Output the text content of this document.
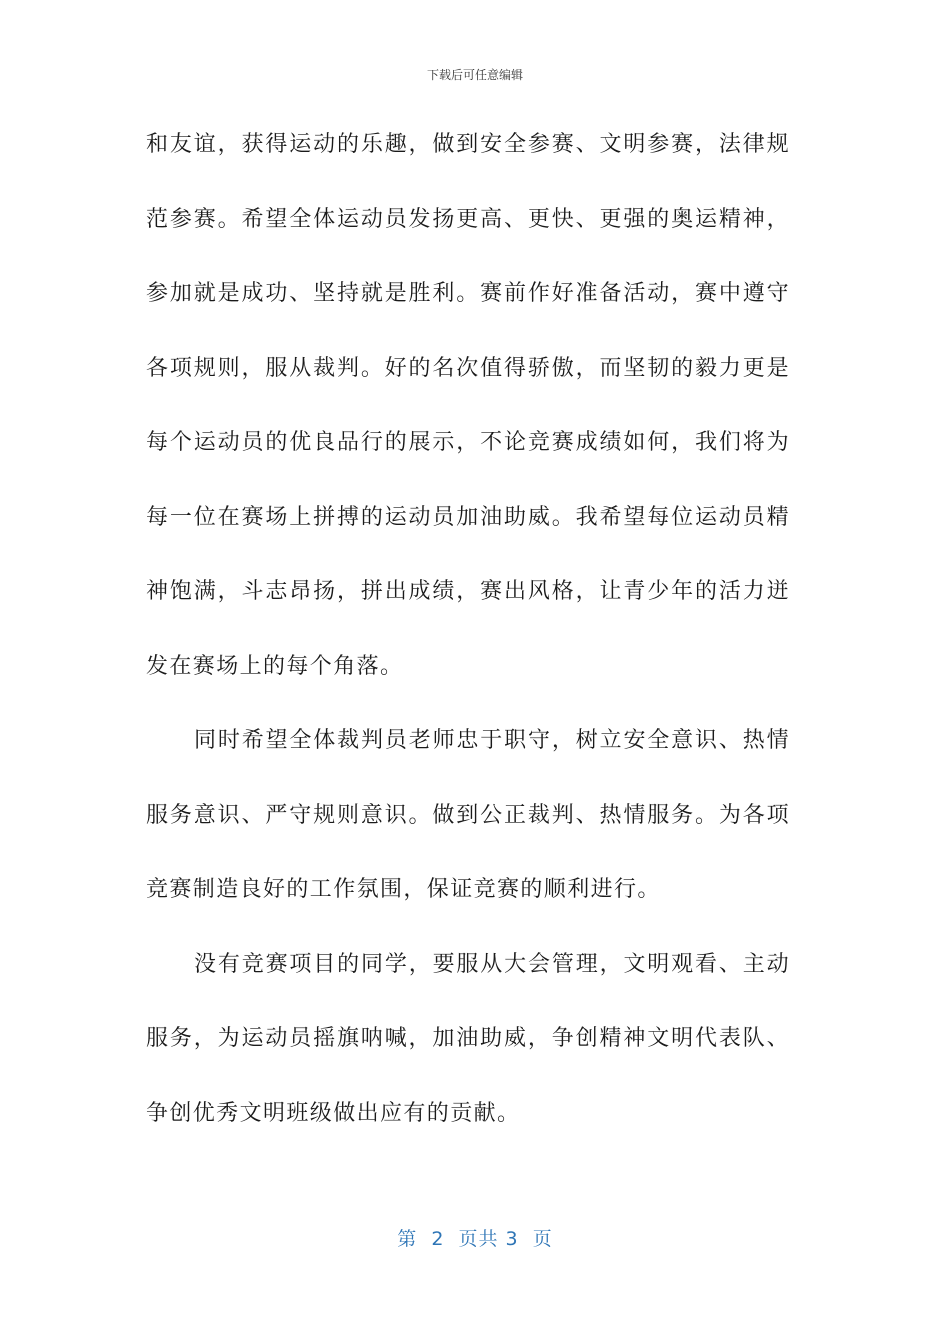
下载后可任意编辑
和友谊，获得运动的乐趣，做到安全参赛、文明参赛，法律规
范参赛。希望全体运动员发扬更高、更快、更强的奥运精神，
参加就是成功、坚持就是胜利。赛前作好准备活动，赛中遵守
各项规则，服从裁判。好的名次值得骄傲，而坚韧的毅力更是
每个运动员的优良品行的展示，不论竞赛成绩如何，我们将为
每一位在赛场上拼搏的运动员加油助威。我希望每位运动员精
神饱满，斗志昂扬，拼出成绩，赛出风格，让青少年的活力迸
发在赛场上的每个角落。
同时希望全体裁判员老师忠于职守，树立安全意识、热情
服务意识、严守规则意识。做到公正裁判、热情服务。为各项
竞赛制造良好的工作氛围，保证竞赛的顺利进行。
没有竞赛项目的同学，要服从大会管理，文明观看、主动
服务，为运动员摇旗呐喊，加油助威，争创精神文明代表队、
争创优秀文明班级做出应有的贡献。
第  2  页共 3  页
